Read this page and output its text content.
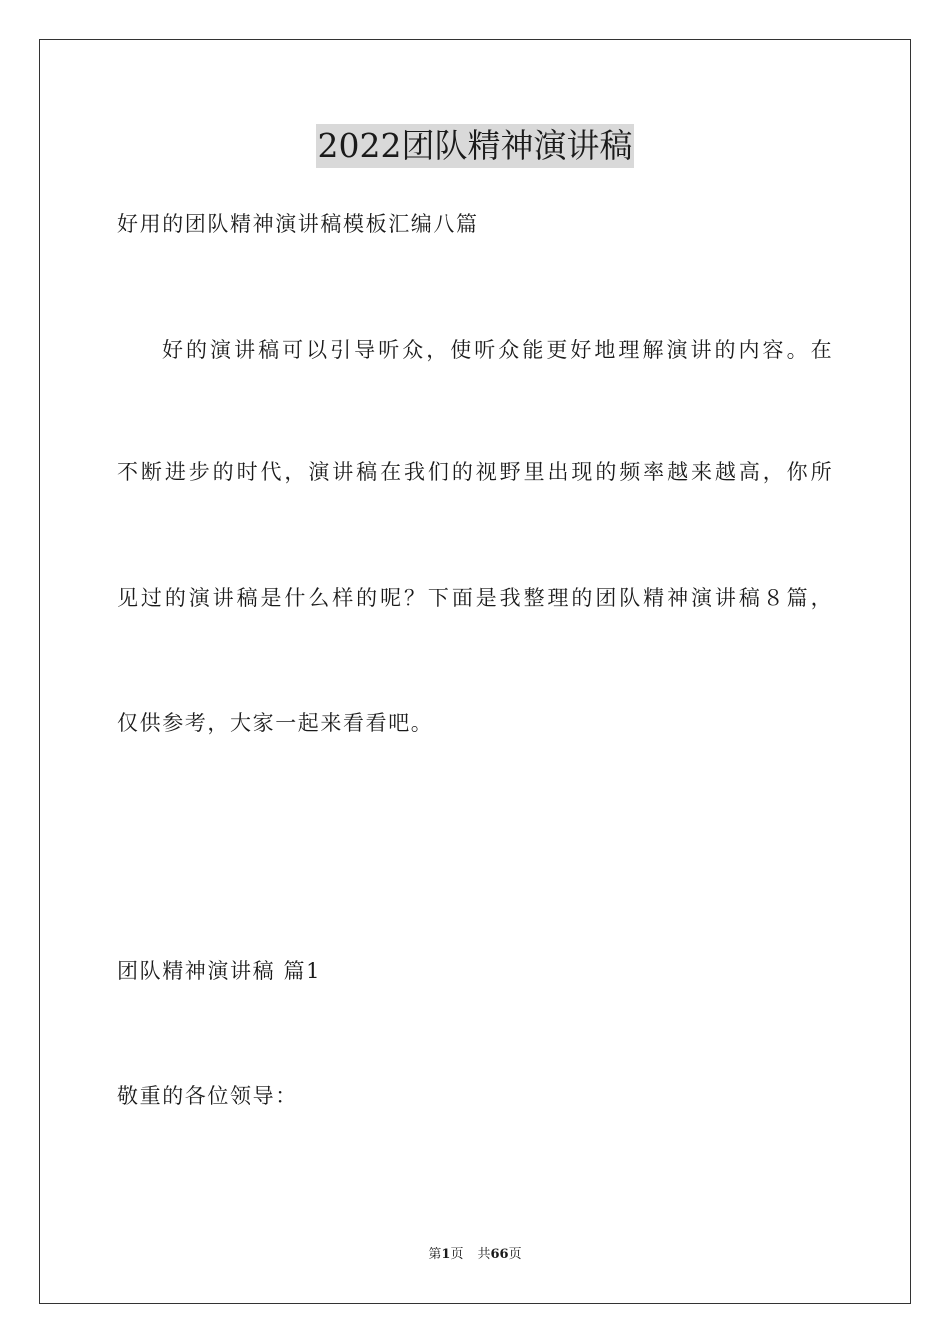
2022团队精神演讲稿
好用的团队精神演讲稿模板汇编八篇
好的演讲稿可以引导听众，使听众能更好地理解演讲的内容。在
不断进步的时代，演讲稿在我们的视野里出现的频率越来越高，你所
见过的演讲稿是什么样的呢？下面是我整理的团队精神演讲稿８篇，
仅供参考，大家一起来看看吧。
团队精神演讲稿 篇1
敬重的各位领导：
第1页 共66页
